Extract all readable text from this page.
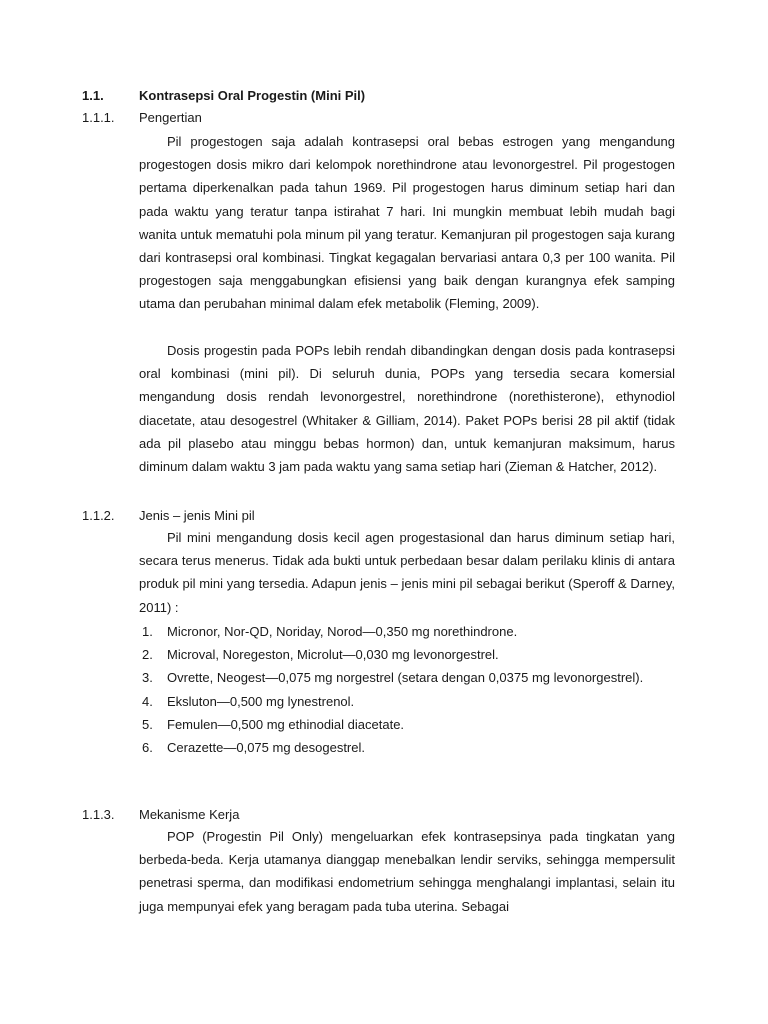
1.1.	Kontrasepsi Oral Progestin (Mini Pil)
1.1.1. Pengertian

Pil progestogen saja adalah kontrasepsi oral bebas estrogen yang mengandung progestogen dosis mikro dari kelompok norethindrone atau levonorgestrel. Pil progestogen pertama diperkenalkan pada tahun 1969. Pil progestogen harus diminum setiap hari dan pada waktu yang teratur tanpa istirahat 7 hari. Ini mungkin membuat lebih mudah bagi wanita untuk mematuhi pola minum pil yang teratur. Kemanjuran pil progestogen saja kurang dari kontrasepsi oral kombinasi. Tingkat kegagalan bervariasi antara 0,3 per 100 wanita. Pil progestogen saja menggabungkan efisiensi yang baik dengan kurangnya efek samping utama dan perubahan minimal dalam efek metabolik (Fleming, 2009).

Dosis progestin pada POPs lebih rendah dibandingkan dengan dosis pada kontrasepsi oral kombinasi (mini pil). Di seluruh dunia, POPs yang tersedia secara komersial mengandung dosis rendah levonorgestrel, norethindrone (norethisterone), ethynodiol diacetate, atau desogestrel (Whitaker & Gilliam, 2014). Paket POPs berisi 28 pil aktif (tidak ada pil plasebo atau minggu bebas hormon) dan, untuk kemanjuran maksimum, harus diminum dalam waktu 3 jam pada waktu yang sama setiap hari (Zieman & Hatcher, 2012).

1.1.2. Jenis – jenis Mini pil

Pil mini mengandung dosis kecil agen progestasional dan harus diminum setiap hari, secara terus menerus. Tidak ada bukti untuk perbedaan besar dalam perilaku klinis di antara produk pil mini yang tersedia. Adapun jenis – jenis mini pil sebagai berikut (Speroff & Darney, 2011) :

1. Micronor, Nor-QD, Noriday, Norod—0,350 mg norethindrone.
2. Microval, Noregeston, Microlut—0,030 mg levonorgestrel.
3. Ovrette, Neogest—0,075 mg norgestrel (setara dengan 0,0375 mg levonorgestrel).
4. Eksluton—0,500 mg lynestrenol.
5. Femulen—0,500 mg ethinodial diacetate.
6. Cerazette—0,075 mg desogestrel.
1.1.3. Mekanisme Kerja

POP (Progestin Pil Only) mengeluarkan efek kontrasepsinya pada tingkatan yang berbeda-beda. Kerja utamanya dianggap menebalkan lendir serviks, sehingga mempersulit penetrasi sperma, dan modifikasi endometrium sehingga menghalangi implantasi, selain itu juga mempunyai efek yang beragam pada tuba uterina. Sebagai
